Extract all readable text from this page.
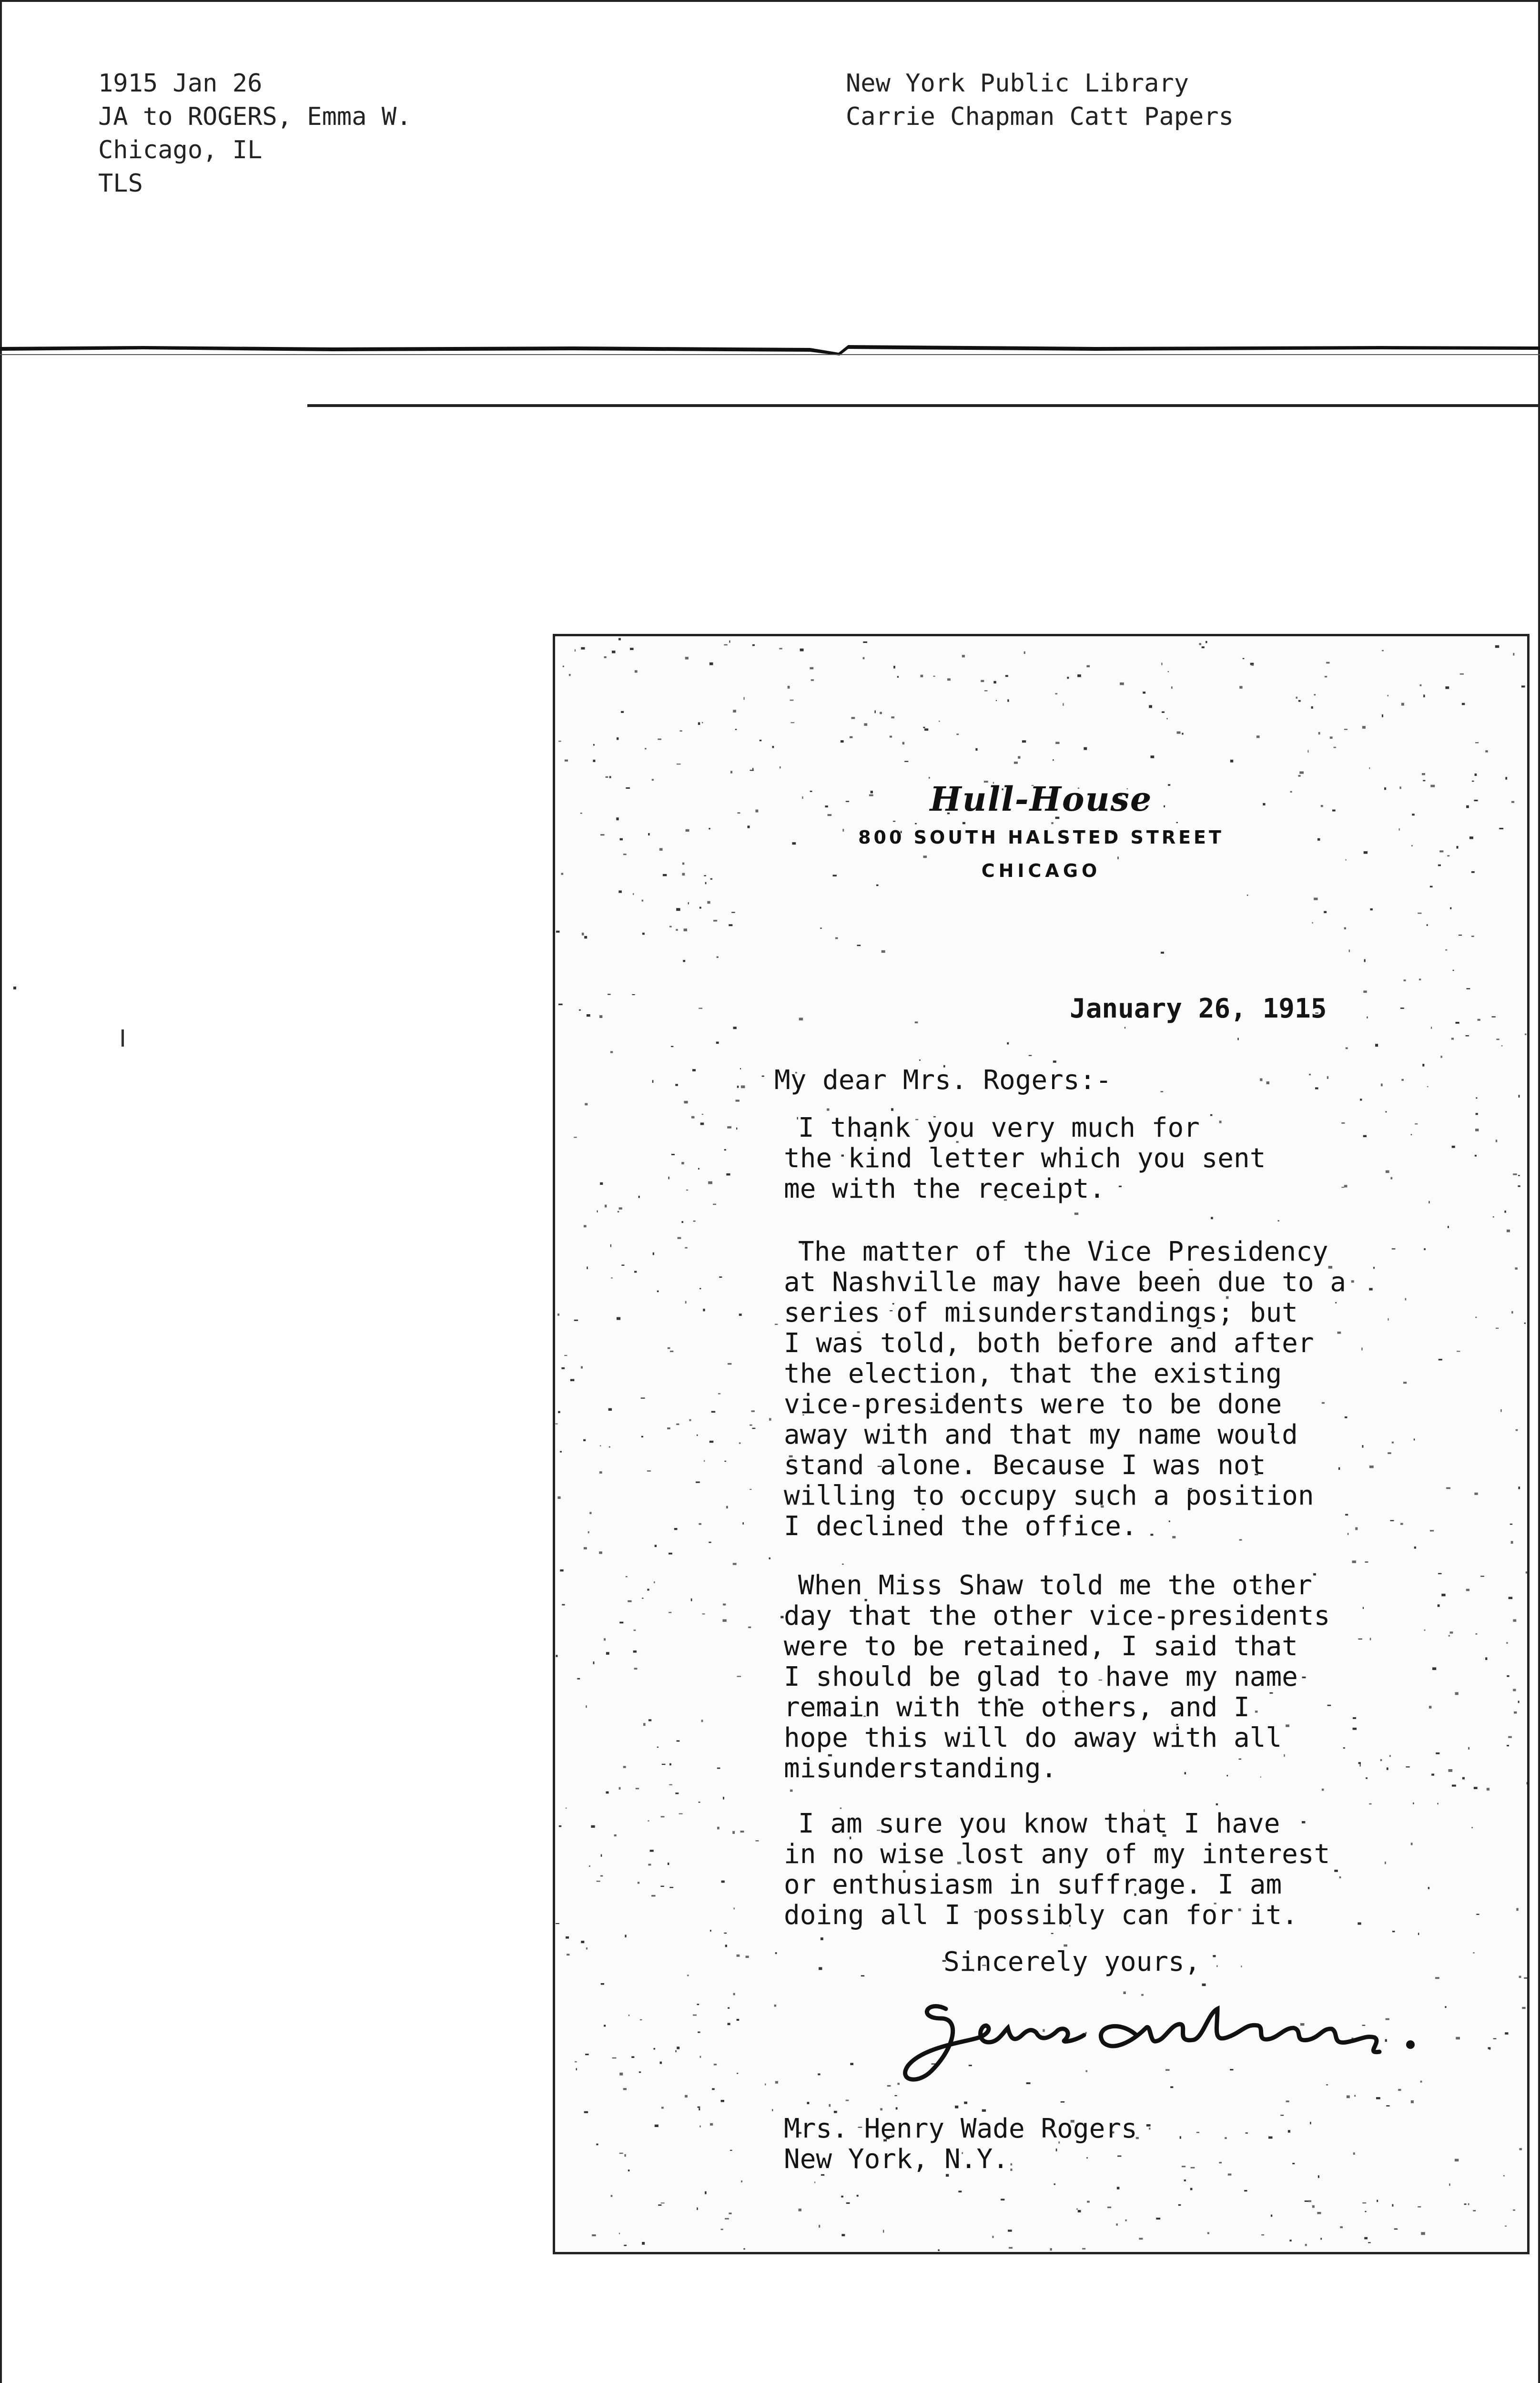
1915 Jan 26
JA to ROGERS, Emma W.
Chicago, IL
TLS
New York Public Library
Carrie Chapman Catt Papers
Hull-House
800 SOUTH HALSTED STREET
CHICAGO
January 26, 1915
My dear Mrs. Rogers:-
I thank you very much for
the kind letter which you sent
me with the receipt.
The matter of the Vice Presidency
at Nashville may have been due to a
series of misunderstandings; but
I was told, both before and after
the election, that the existing
vice-presidents were to be done
away with and that my name would
stand alone. Because I was not
willing to occupy such a position
I declined the office.
When Miss Shaw told me the other
day that the other vice-presidents
were to be retained, I said that
I should be glad to have my name
remain with the others, and I
hope this will do away with all
misunderstanding.
I am sure you know that I have
in no wise lost any of my interest
or enthusiasm in suffrage. I am
doing all I possibly can for it.
Sincerely yours,
Mrs. Henry Wade Rogers
New York, N.Y.
